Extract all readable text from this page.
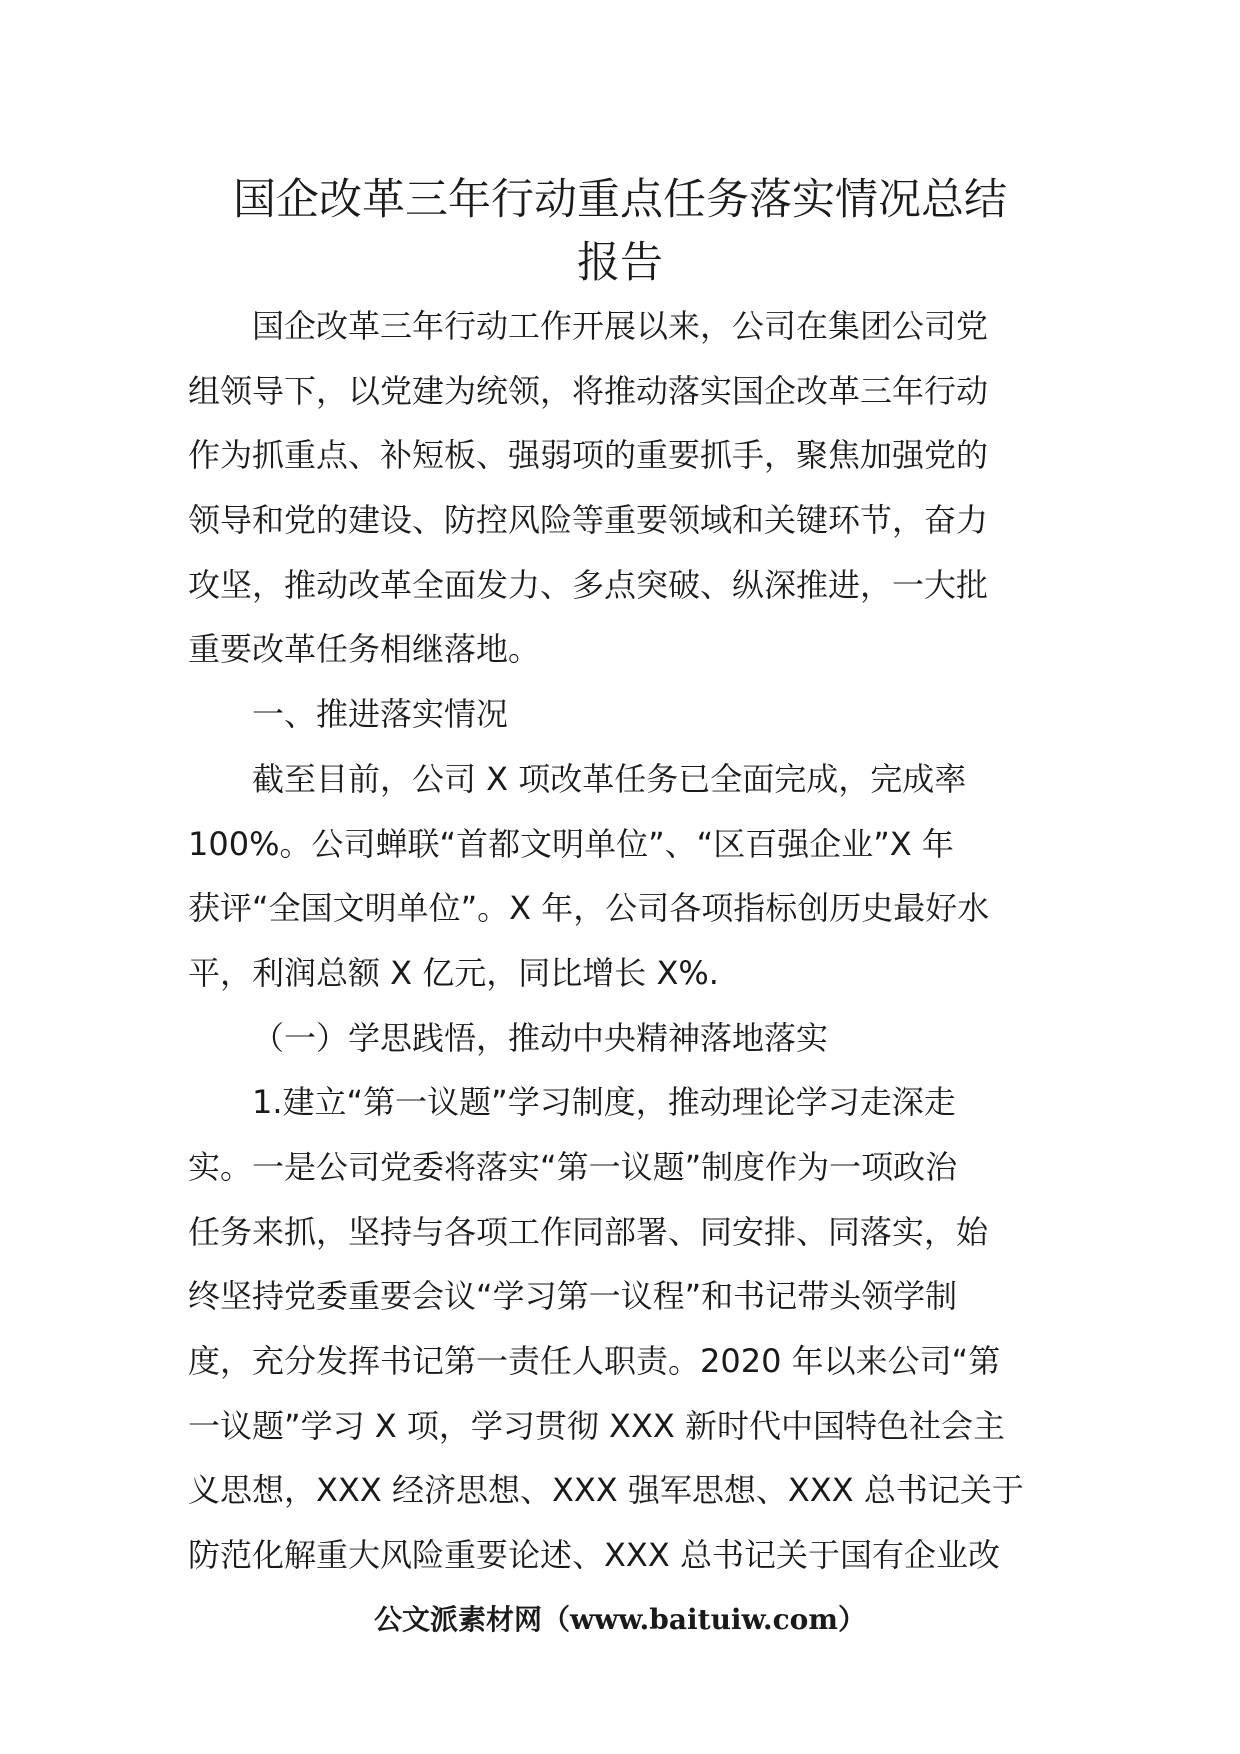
国企改革三年行动重点任务落实情况总结
报告
国企改革三年行动工作开展以来，公司在集团公司党
组领导下，以党建为统领，将推动落实国企改革三年行动
作为抓重点、补短板、强弱项的重要抓手，聚焦加强党的
领导和党的建设、防控风险等重要领域和关键环节，奋力
攻坚，推动改革全面发力、多点突破、纵深推进，一大批
重要改革任务相继落地。
一、推进落实情况
截至目前，公司 X 项改革任务已全面完成，完成率
100%。公司蝉联“首都文明单位”、“区百强企业”X 年
获评“全国文明单位”。X 年，公司各项指标创历史最好水
平，利润总额 X 亿元，同比增长 X%.
（一）学思践悟，推动中央精神落地落实
1.建立“第一议题”学习制度，推动理论学习走深走
实。一是公司党委将落实“第一议题”制度作为一项政治
任务来抓，坚持与各项工作同部署、同安排、同落实，始
终坚持党委重要会议“学习第一议程”和书记带头领学制
度，充分发挥书记第一责任人职责。2020 年以来公司“第
一议题”学习 X 项，学习贯彻 XXX 新时代中国特色社会主
义思想，XXX 经济思想、XXX 强军思想、XXX 总书记关于
防范化解重大风险重要论述、XXX 总书记关于国有企业改
公文派素材网（www.baituiw.com）
